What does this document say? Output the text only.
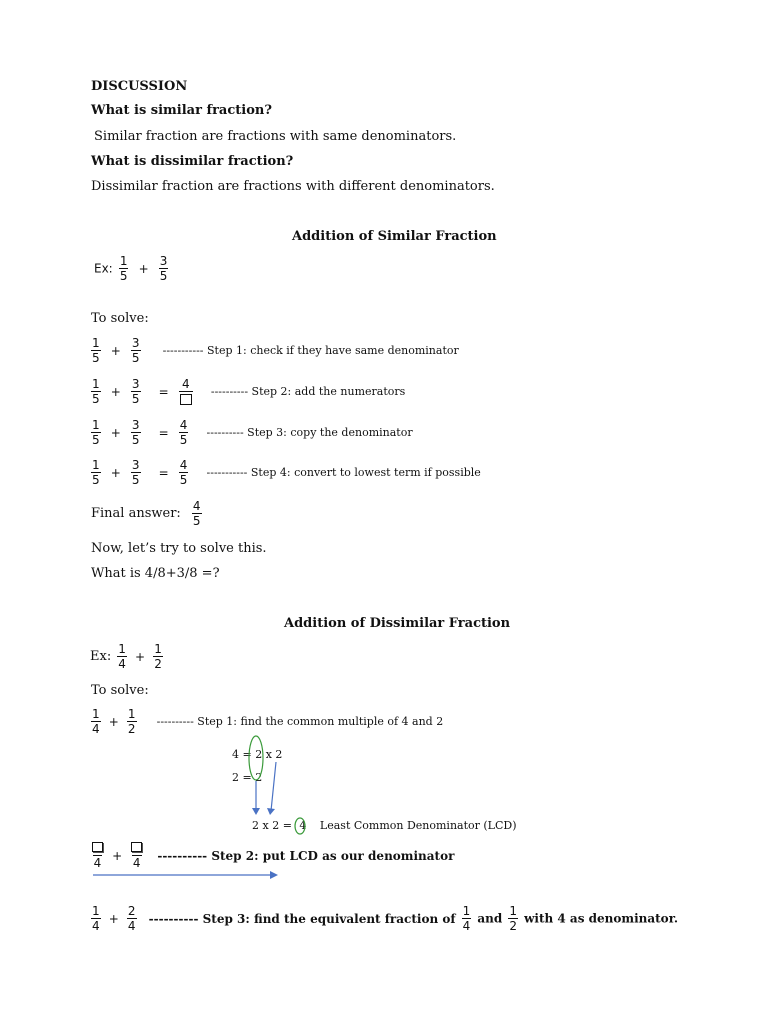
DISCUSSION
What is similar fraction?
Similar fraction are fractions with same denominators.
What is dissimilar fraction?
Dissimilar fraction are fractions with different denominators.
Addition of Similar Fraction
Ex: $\frac{1}{5} + \frac{3}{5}$
To solve:
$\frac{1}{5} + \frac{3}{5}$ ----------- Step 1: check if they have same denominator
$\frac{1}{5} + \frac{3}{5}$ =
4
---------- Step 2: add the numerators
$\frac{1}{5} + \frac{3}{5} = \frac{4}{5}$ ---------- Step 3: copy the denominator
$\frac{1}{5} + \frac{3}{5} = \frac{4}{5}$ ----------- Step 4: convert to lowest term if possible
Final answer: $\frac{4}{5}$
Now, let’s try to solve this.
What is 4/8+3/8 =?
Addition of Dissimilar Fraction
Ex: $\frac{1}{4} + \frac{1}{2}$
To solve:
$\frac{1}{4} + \frac{1}{2}$ ---------- Step 1: find the common multiple of 4 and 2
4 = 2 x 2
2 = 2
2 x 2 = 4 Least Common Denominator (LCD)
4
+
4
---------- Step 2: put LCD as our denominator
$\frac{1}{4} + \frac{2}{4}$ ---------- Step 3: find the equivalent fraction of $\frac{1}{4}$ and $\frac{1}{2}$ with 4 as denominator.
